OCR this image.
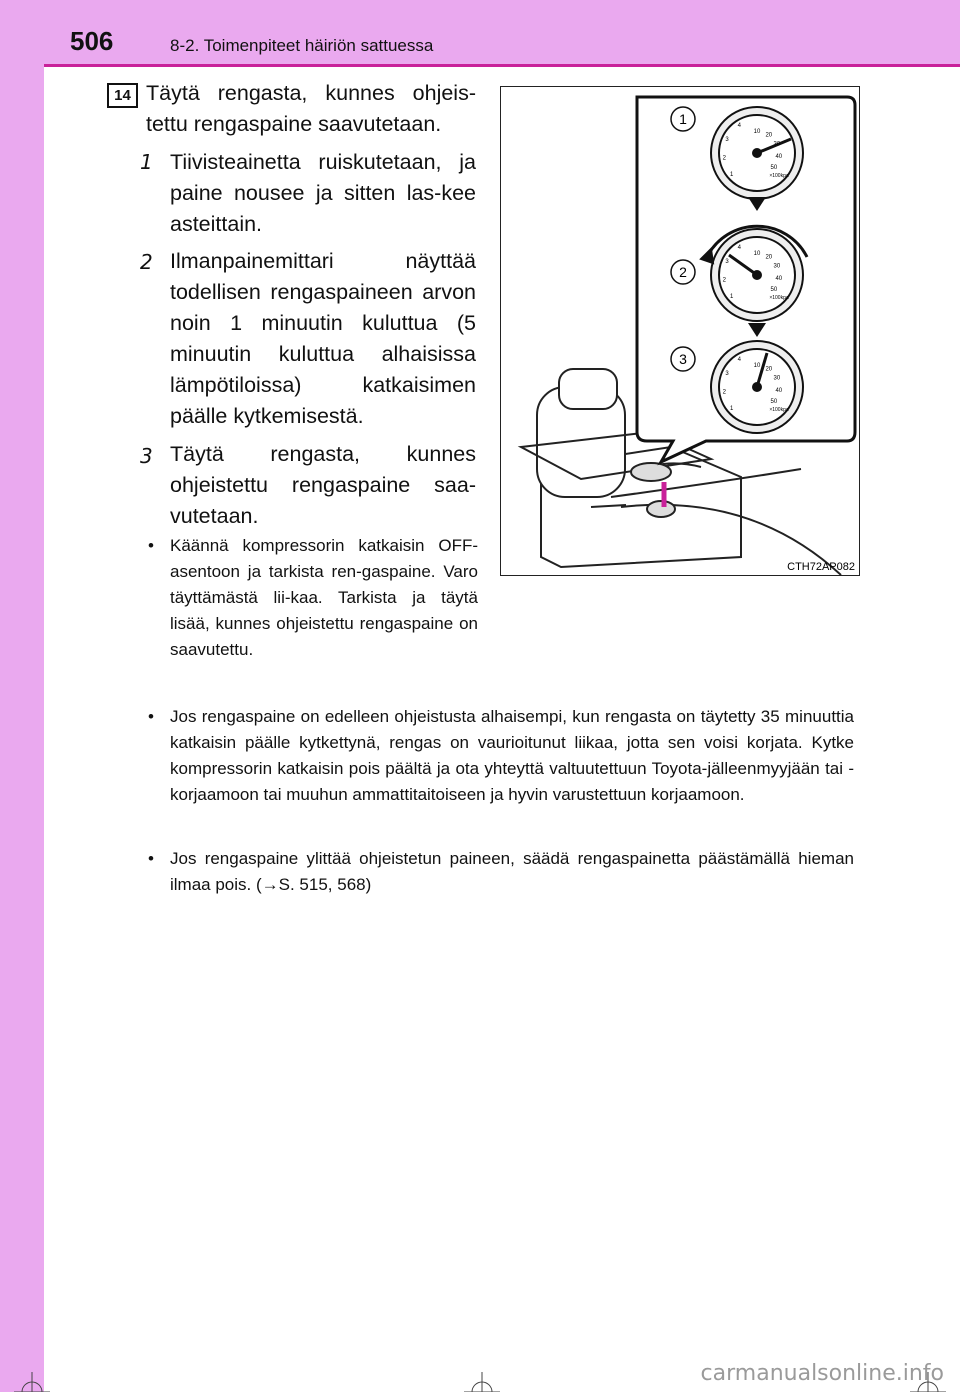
506	8-2. Toimenpiteet häiriön sattuessa
14 Täytä rengasta, kunnes ohjeis-tettu rengaspaine saavutetaan.
1 Tiivisteainetta ruiskutetaan, ja paine nousee ja sitten las-kee asteittain.
2 Ilmanpainemittari näyttää todellisen rengaspaineen arvon noin 1 minuutin kuluttua (5 minuutin kuluttua alhaisissa lämpötiloissa) katkaisimen päälle kytkemisestä.
3 Täytä rengasta, kunnes ohjeistettu rengaspaine saa-vutetaan.
• Käännä kompressorin katkaisin OFF-asentoon ja tarkista ren-gaspaine. Varo täyttämästä lii-kaa. Tarkista ja täytä lisää, kunnes ohjeistettu rengaspaine on saavutettu.
• Jos rengaspaine on edelleen ohjeistusta alhaisempi, kun rengasta on täytetty 35 minuuttia katkaisin päälle kytkettynä, rengas on vaurioitunut liikaa, jotta sen voisi korjata. Kytke kompressorin katkaisin pois päältä ja ota yhteyttä valtuutettuun Toyota-jälleenmyyjään tai -korjaamoon tai muuhun ammattitaitoiseen ja hyvin varustettuun korjaamoon.
• Jos rengaspaine ylittää ohjeistetun paineen, säädä rengaspainetta päästämällä hieman ilmaa pois. (→S. 515, 568)
1
2
3
CTH72AP082
1
2
3
4
10
20
30
40
50
×100kpa
1
2
3
4
10
20
30
40
50
×100kpa
1
2
3
4
10
20
30
40
50
×100kpa
carmanualsonline.info
